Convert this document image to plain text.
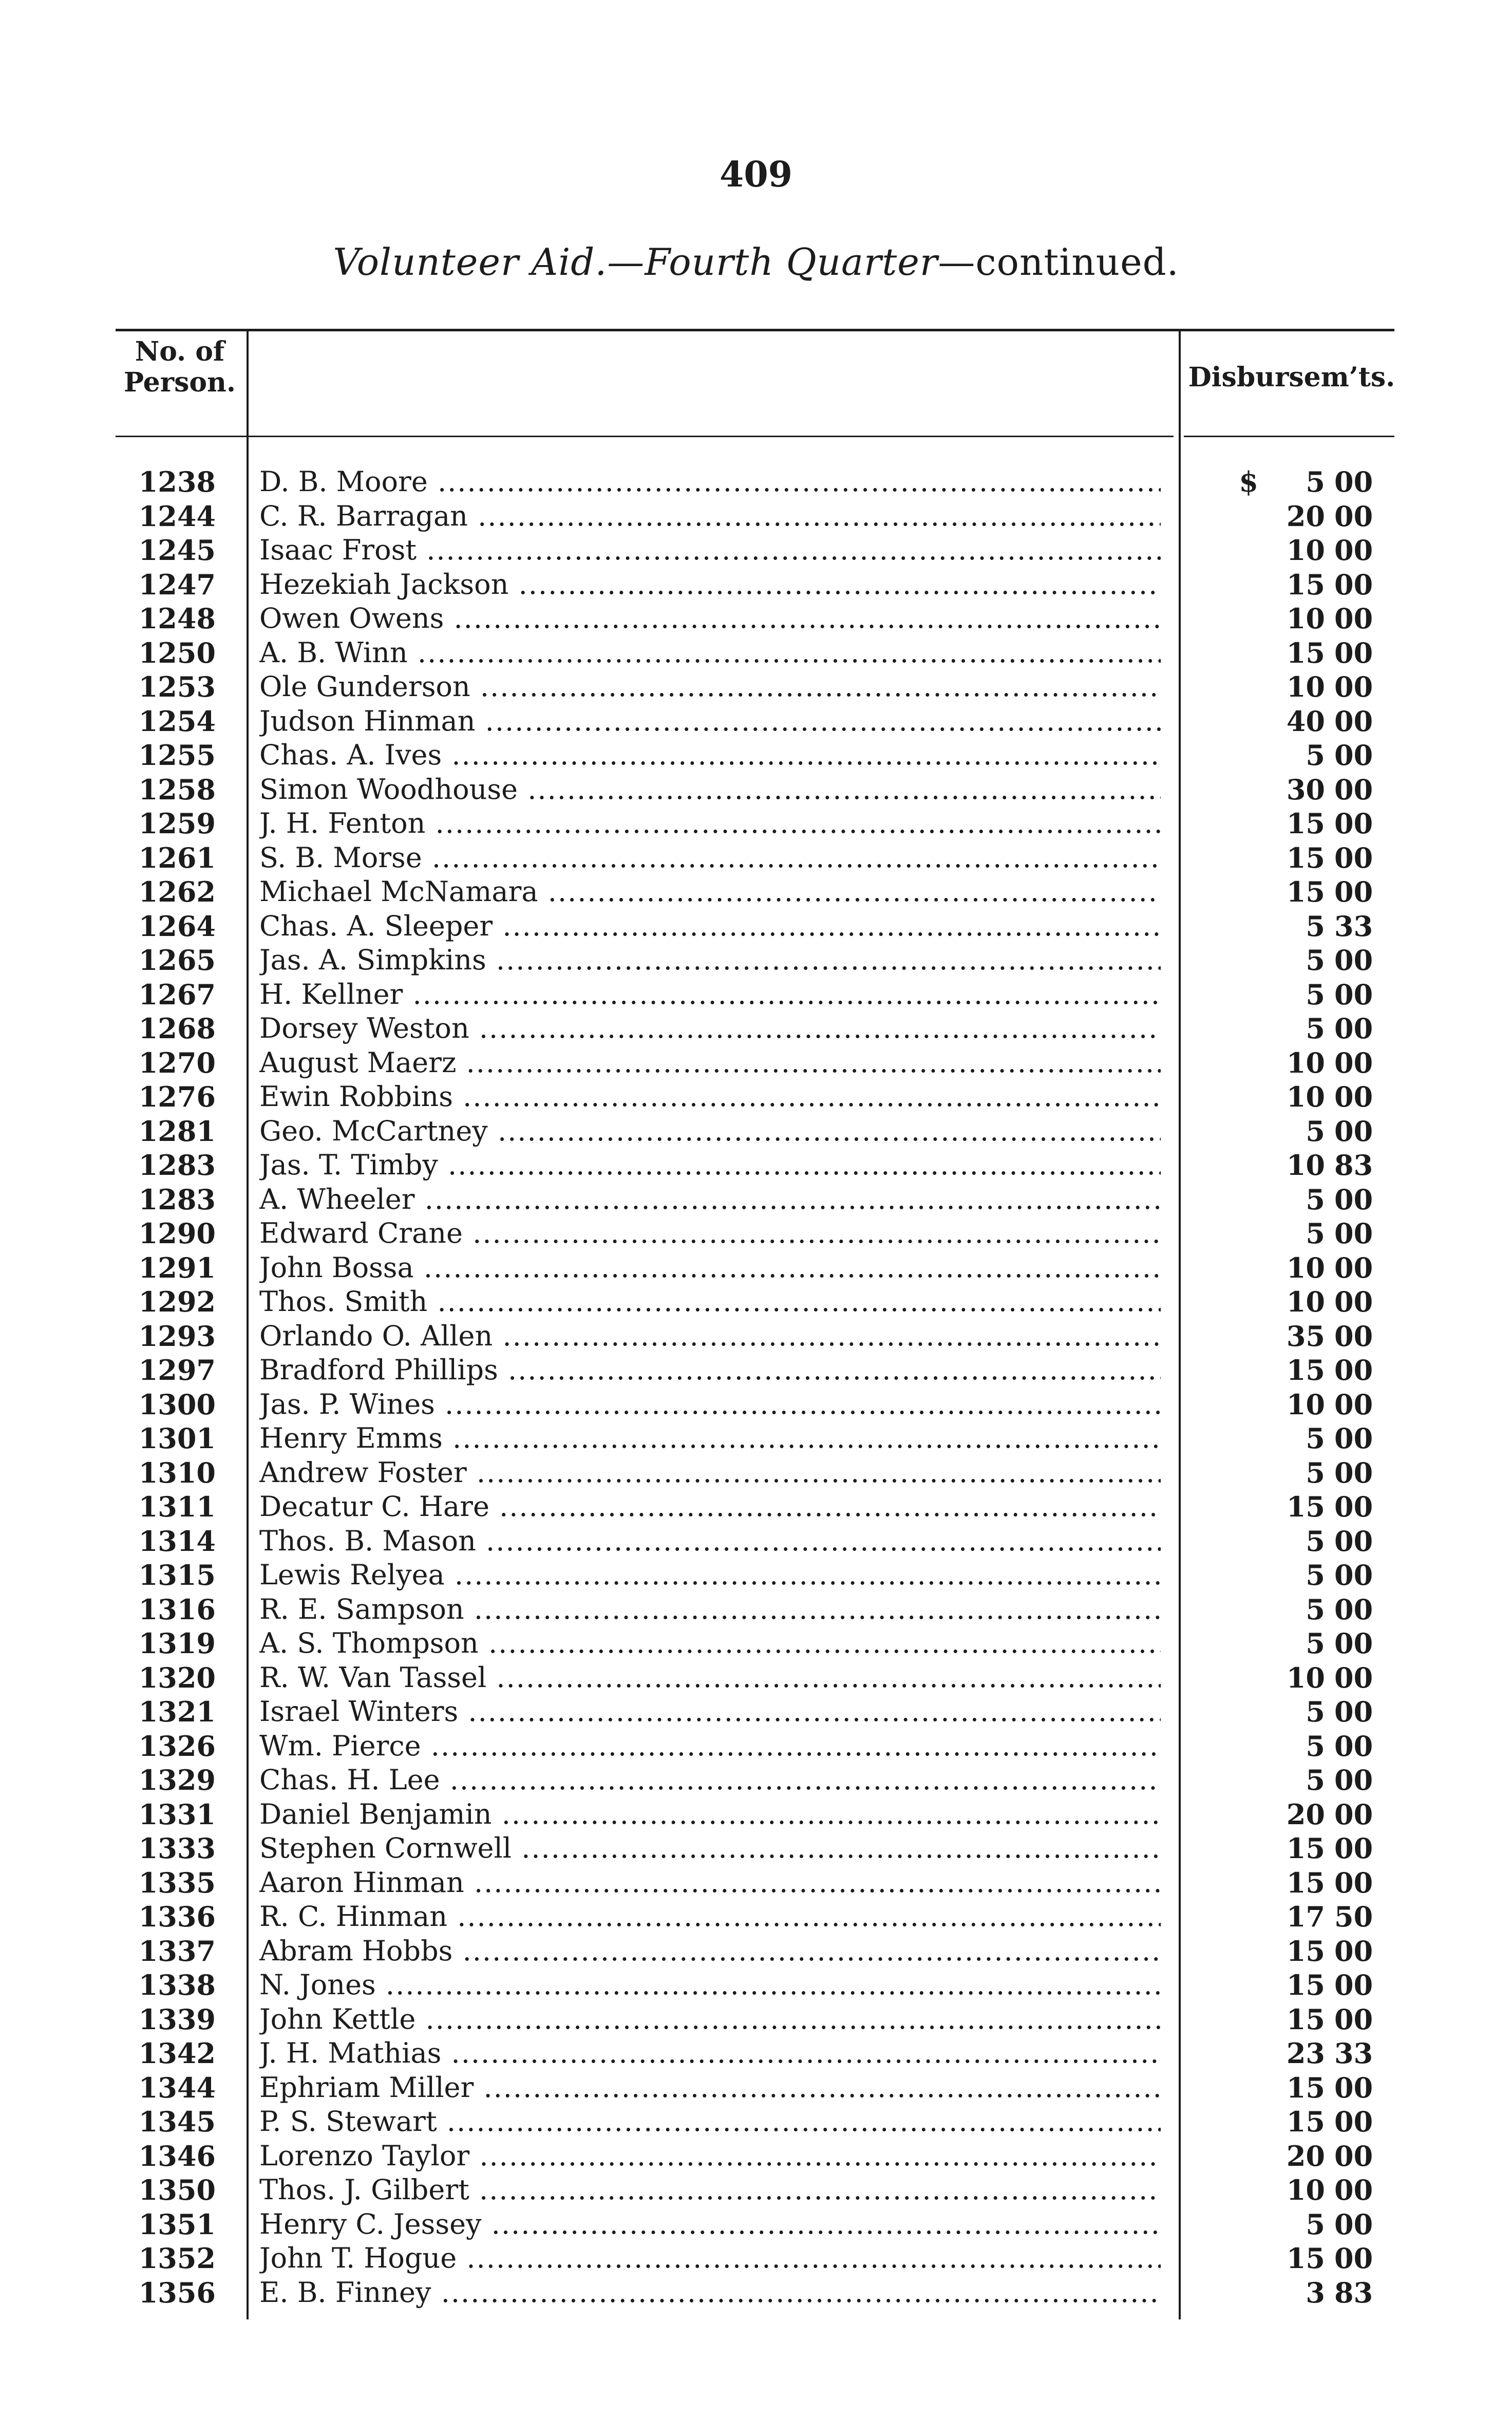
409
Volunteer Aid.—Fourth Quarter—continued.
No. of
Person.	Disbursem’ts.
1238 D. B. Moore .....	$	5 00
1244 C. R. Barragan .....	20 00
1245 Isaac Frost .....	10 00
1247 Hezekiah Jackson .....	15 00
1248 Owen Owens .....	10 00
1250 A. B. Winn .....	15 00
1253 Ole Gunderson .....	10 00
1254 Judson Hinman .....	40 00
1255 Chas. A. Ives .....	5 00
1258 Simon Woodhouse .....	30 00
1259 J. H. Fenton .....	15 00
1261 S. B. Morse .....	15 00
1262 Michael McNamara .....	15 00
1264 Chas. A. Sleeper .....	5 33
1265 Jas. A. Simpkins .....	5 00
1267 H. Kellner .....	5 00
1268 Dorsey Weston .....	5 00
1270 August Maerz .....	10 00
1276 Ewin Robbins .....	10 00
1281 Geo. McCartney .....	5 00
1283 Jas. T. Timby .....	10 83
1283 A. Wheeler .....	5 00
1290 Edward Crane .....	5 00
1291 John Bossa .....	10 00
1292 Thos. Smith .....	10 00
1293 Orlando O. Allen .....	35 00
1297 Bradford Phillips .....	15 00
1300 Jas. P. Wines .....	10 00
1301 Henry Emms .....	5 00
1310 Andrew Foster .....	5 00
1311 Decatur C. Hare .....	15 00
1314 Thos. B. Mason .....	5 00
1315 Lewis Relyea .....	5 00
1316 R. E. Sampson .....	5 00
1319 A. S. Thompson .....	5 00
1320 R. W. Van Tassel .....	10 00
1321 Israel Winters .....	5 00
1326 Wm. Pierce .....	5 00
1329 Chas. H. Lee .....	5 00
1331 Daniel Benjamin .....	20 00
1333 Stephen Cornwell .....	15 00
1335 Aaron Hinman .....	15 00
1336 R. C. Hinman .....	17 50
1337 Abram Hobbs .....	15 00
1338 N. Jones .....	15 00
1339 John Kettle .....	15 00
1342 J. H. Mathias .....	23 33
1344 Ephriam Miller .....	15 00
1345 P. S. Stewart .....	15 00
1346 Lorenzo Taylor .....	20 00
1350 Thos. J. Gilbert .....	10 00
1351 Henry C. Jessey .....	5 00
1352 John T. Hogue .....	15 00
1356 E. B. Finney .....	3 83
